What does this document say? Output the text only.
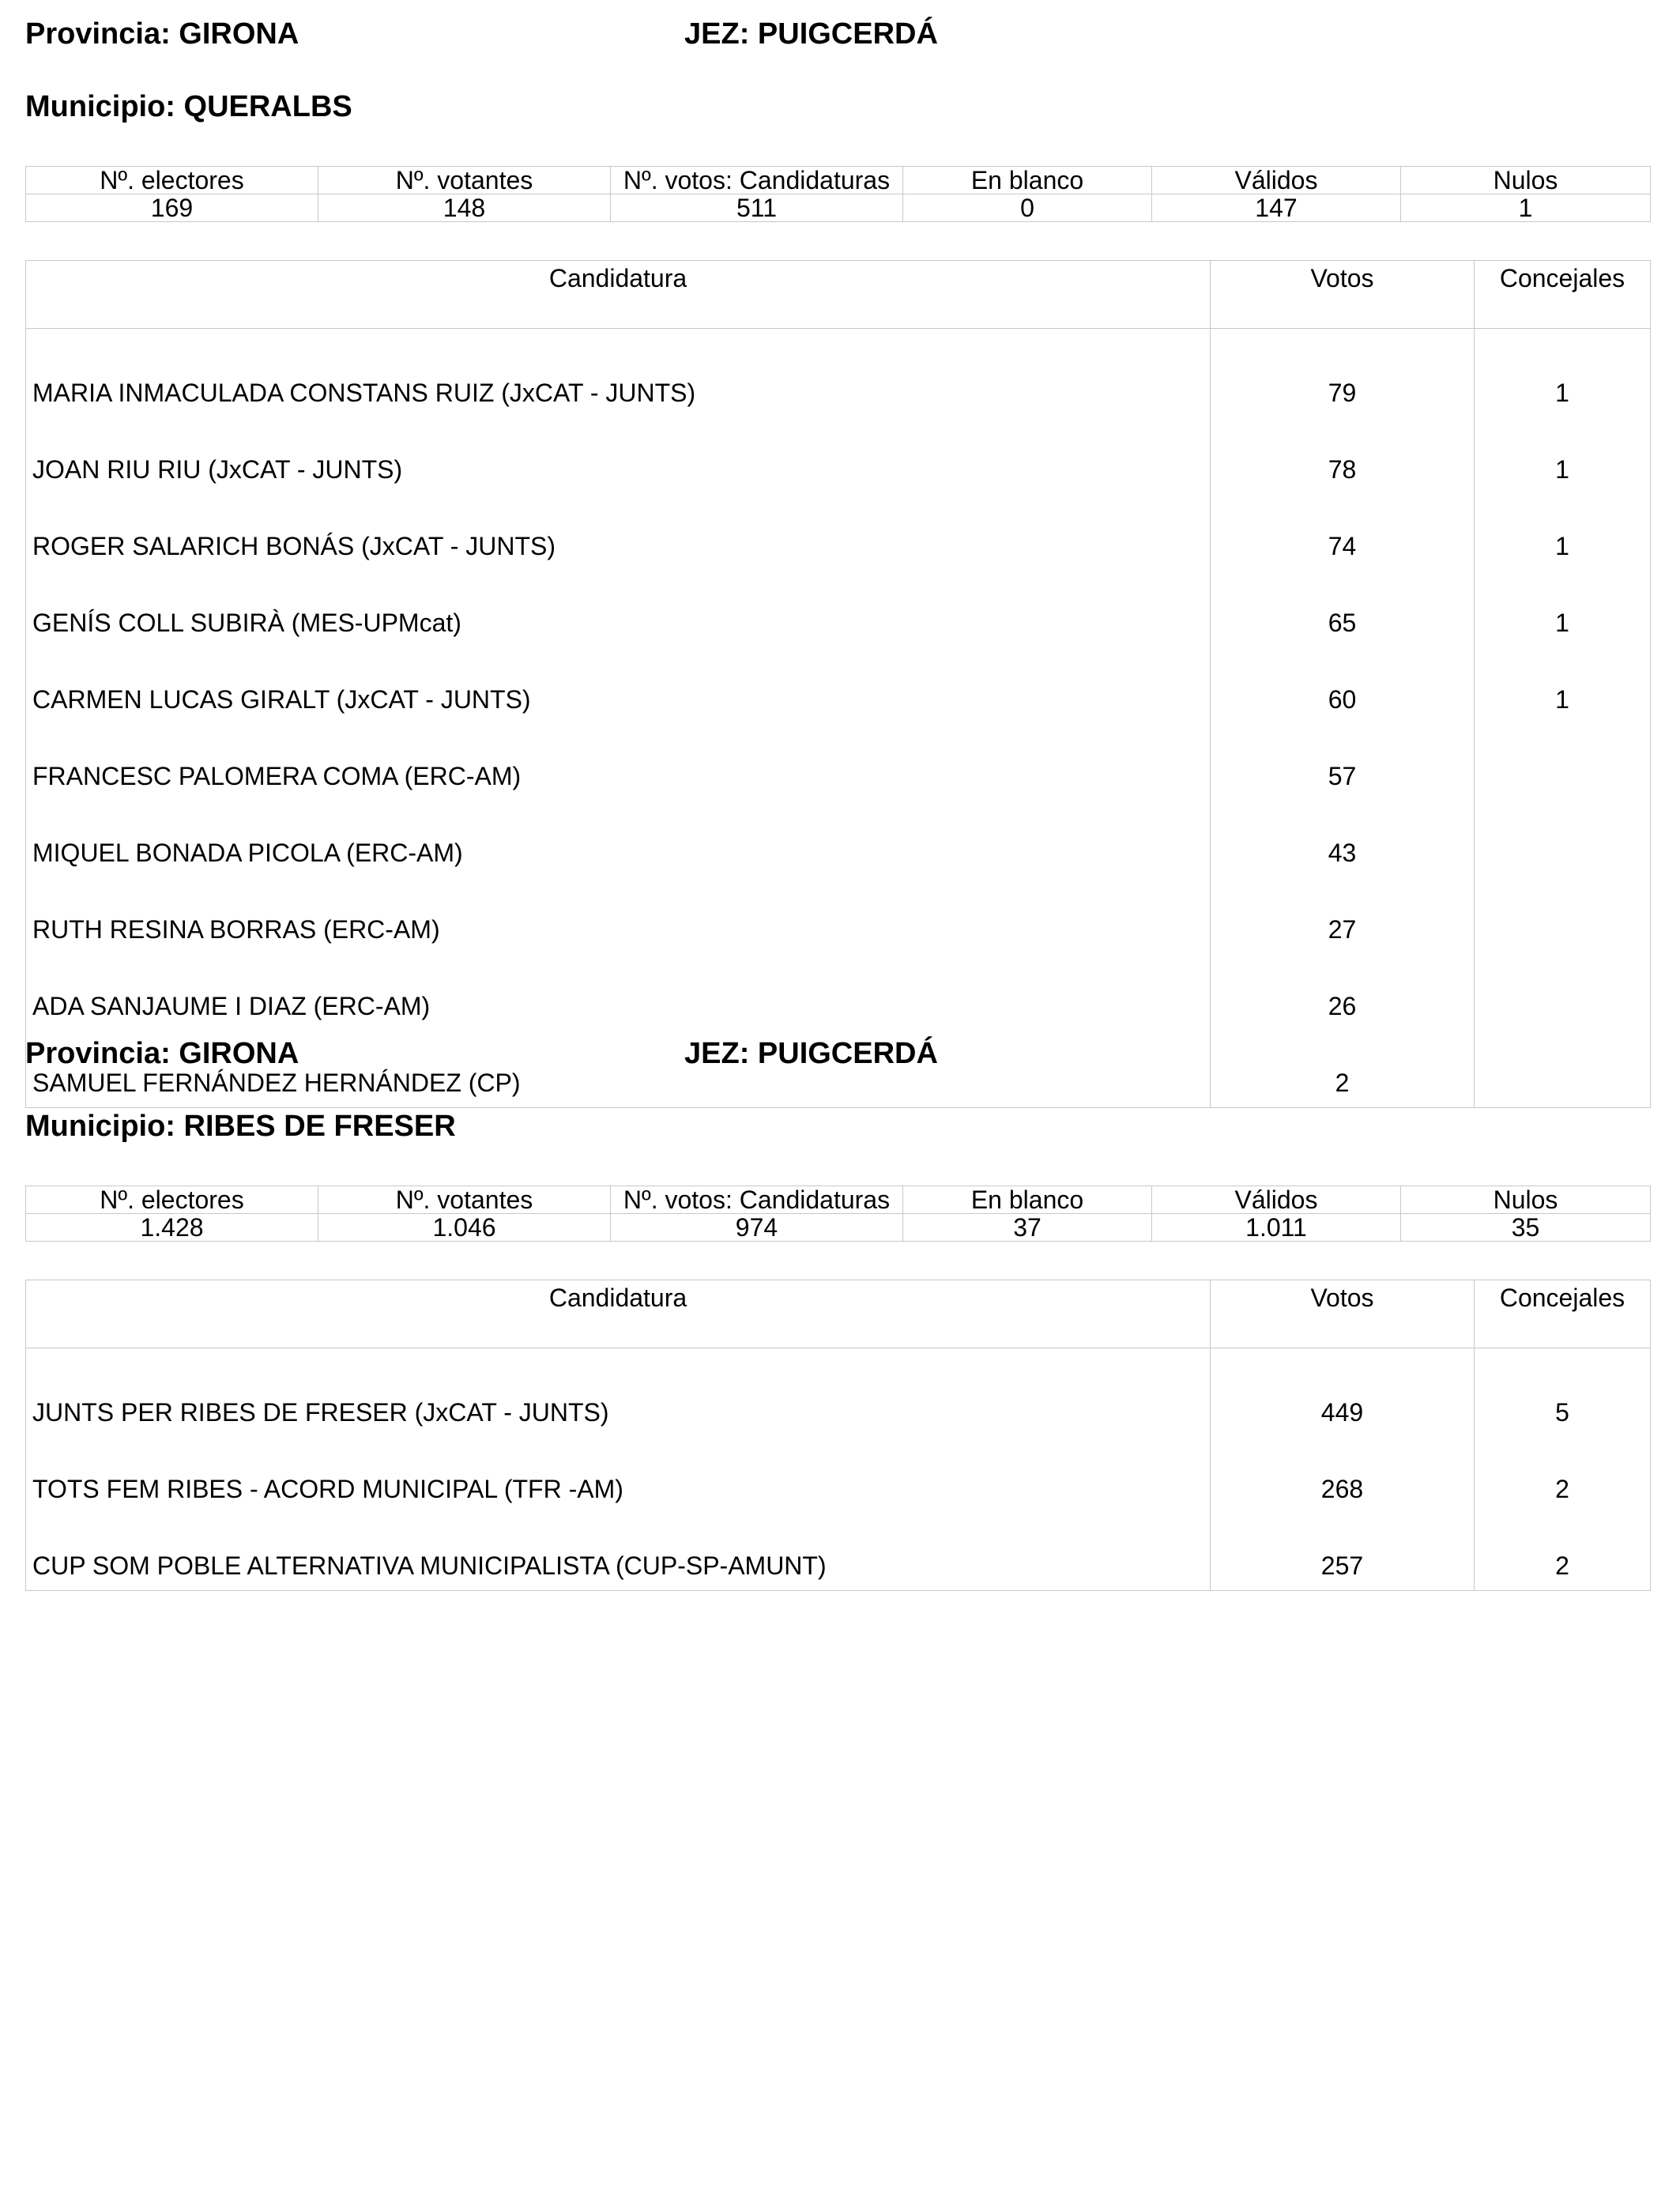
Provincia: GIRONA	JEZ: PUIGCERDÁ
Municipio: QUERALBS
Nº. electores	Nº. votantes	Nº. votos: Candidaturas	En blanco	Válidos	Nulos
169	148	511	0	147	1
Candidatura	Votos	Concejales
MARIA INMACULADA CONSTANS RUIZ (JxCAT - JUNTS)	79	1
JOAN RIU RIU (JxCAT - JUNTS)	78	1
ROGER SALARICH BONÁS (JxCAT - JUNTS)	74	1
GENÍS COLL SUBIRÀ (MES-UPMcat)	65	1
CARMEN LUCAS GIRALT (JxCAT - JUNTS)	60	1
FRANCESC PALOMERA COMA (ERC-AM)	57	
MIQUEL BONADA PICOLA (ERC-AM)	43	
RUTH RESINA BORRAS (ERC-AM)	27	
ADA SANJAUME I DIAZ (ERC-AM)	26	
SAMUEL FERNÁNDEZ HERNÁNDEZ (CP)	2	
Provincia: GIRONA	JEZ: PUIGCERDÁ
Municipio: RIBES DE FRESER
Nº. electores	Nº. votantes	Nº. votos: Candidaturas	En blanco	Válidos	Nulos
1.428	1.046	974	37	1.011	35
Candidatura	Votos	Concejales
JUNTS PER RIBES DE FRESER (JxCAT - JUNTS)	449	5
TOTS FEM RIBES - ACORD MUNICIPAL (TFR -AM)	268	2
CUP SOM POBLE ALTERNATIVA MUNICIPALISTA (CUP-SP-AMUNT)	257	2
